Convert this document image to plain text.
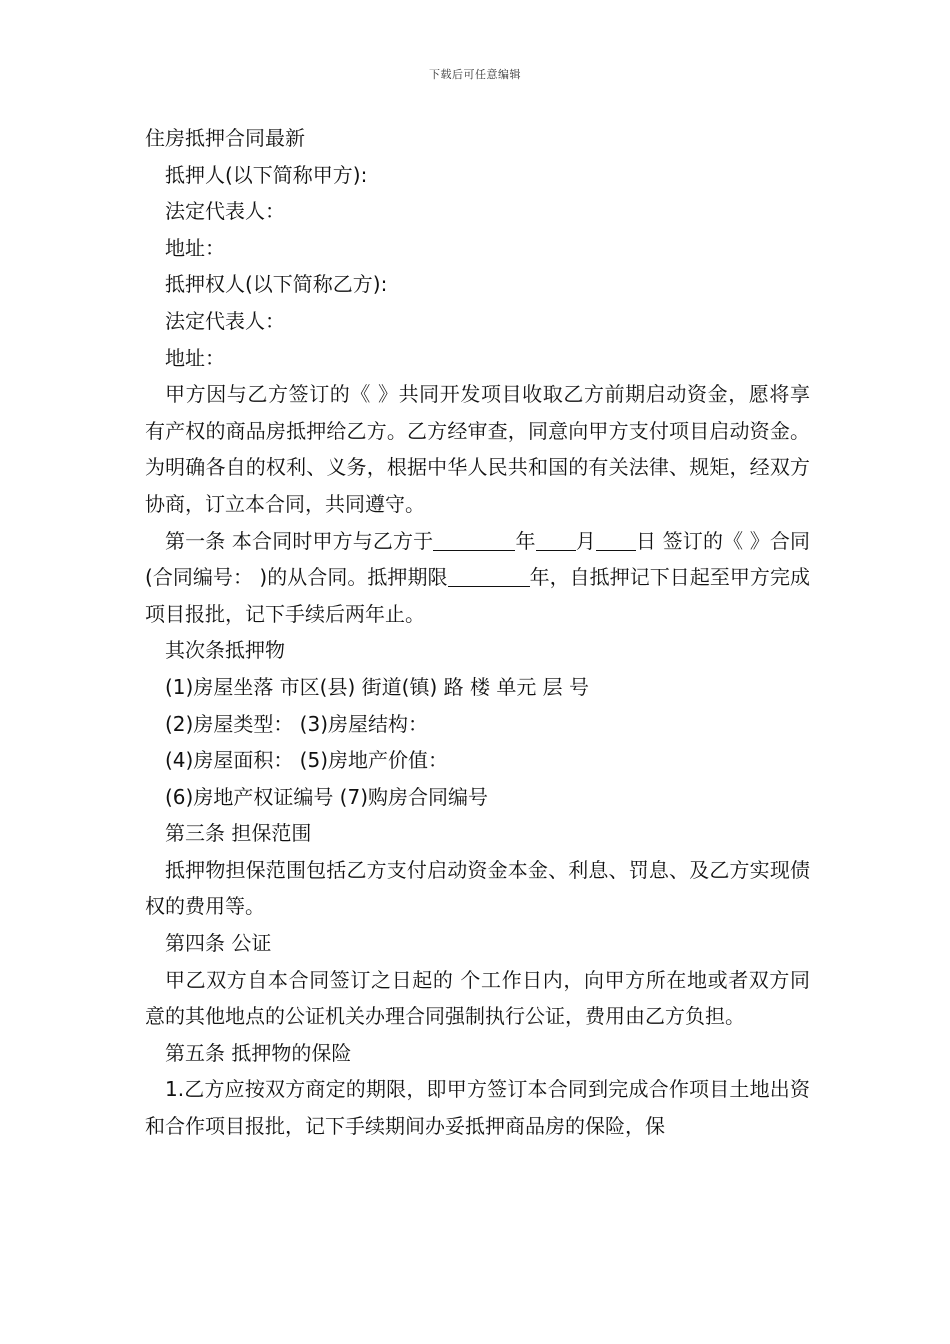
下载后可任意编辑
住房抵押合同最新
抵押人(以下简称甲方):
法定代表人：
地址：
抵押权人(以下简称乙方):
法定代表人：
地址：
甲方因与乙方签订的《 》共同开发项目收取乙方前期启动资金，愿将享有产权的商品房抵押给乙方。乙方经审查，同意向甲方支付项目启动资金。为明确各自的权利、义务，根据中华人民共和国的有关法律、规矩，经双方协商，订立本合同，共同遵守。
第一条 本合同时甲方与乙方于	年 月 日 签订的《 》合同(合同编号： )的从合同。抵押期限	年，自抵押记下日起至甲方完成项目报批，记下手续后两年止。
其次条抵押物
(1)房屋坐落 市区(县) 街道(镇) 路 楼 单元 层 号
(2)房屋类型： (3)房屋结构：
(4)房屋面积： (5)房地产价值：
(6)房地产权证编号 (7)购房合同编号
第三条 担保范围
抵押物担保范围包括乙方支付启动资金本金、利息、罚息、及乙方实现债权的费用等。
第四条 公证
甲乙双方自本合同签订之日起的 个工作日内，向甲方所在地或者双方同意的其他地点的公证机关办理合同强制执行公证，费用由乙方负担。
第五条 抵押物的保险
1.乙方应按双方商定的期限，即甲方签订本合同到完成合作项目土地出资和合作项目报批，记下手续期间办妥抵押商品房的保险，保
